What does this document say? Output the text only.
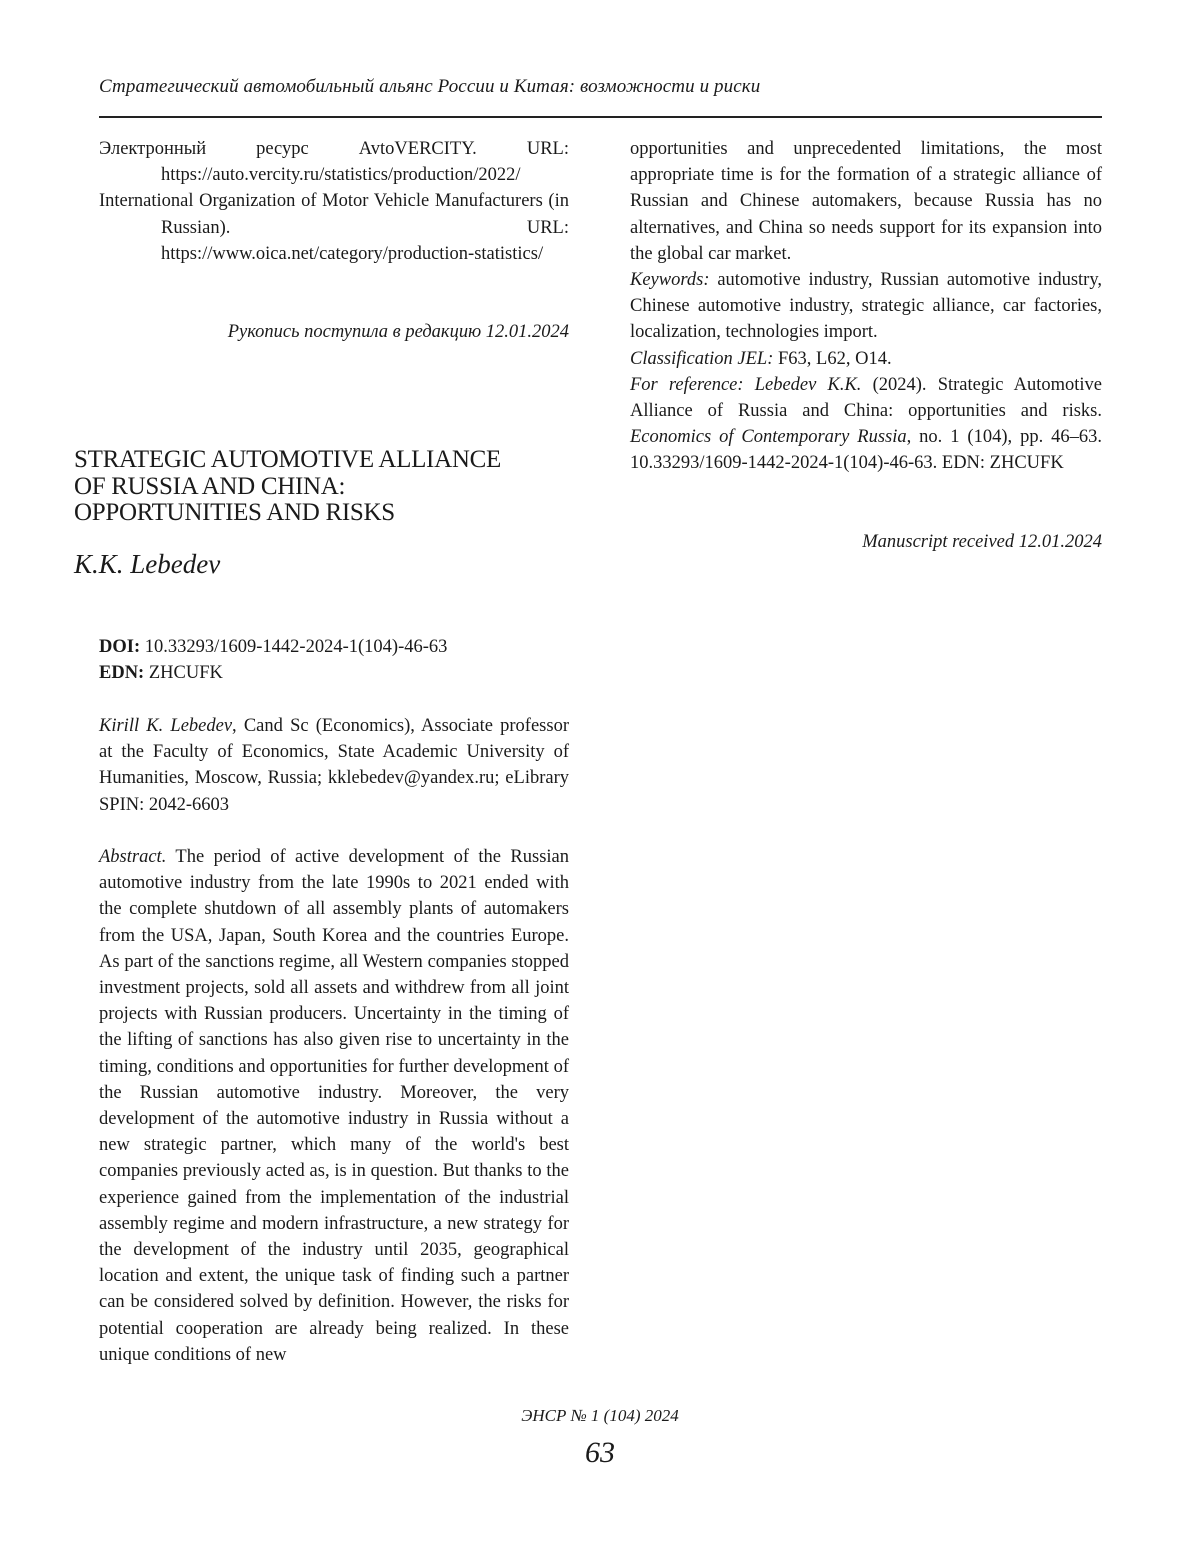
Стратегический автомобильный альянс России и Китая: возможности и риски

Электронный ресурс AvtoVERCITY. URL: https://auto.vercity.ru/statistics/production/2022/

International Organization of Motor Vehicle Manufacturers (in Russian). URL: https://www.oica.net/category/production-statistics/

Рукопись поступила в редакцию 12.01.2024
STRATEGIC AUTOMOTIVE ALLIANCE
OF RUSSIA AND CHINA:
OPPORTUNITIES AND RISKS
K.K. Lebedev
DOI: 10.33293/1609-1442-2024-1(104)-46-63
EDN: ZHCUFK
Kirill K. Lebedev, Cand Sc (Economics), Associate professor at the Faculty of Economics, State Academic University of Humanities, Moscow, Russia; kklebedev@yandex.ru; eLibrary SPIN: 2042-6603
Abstract. The period of active development of the Russian automotive industry from the late 1990s to 2021 ended with the complete shutdown of all assembly plants of automakers from the USA, Japan, South Korea and the countries Europe. As part of the sanctions regime, all Western companies stopped investment projects, sold all assets and withdrew from all joint projects with Russian producers. Uncertainty in the timing of the lifting of sanctions has also given rise to uncertainty in the timing, conditions and opportunities for further development of the Russian automotive industry. Moreover, the very development of the automotive industry in Russia without a new strategic partner, which many of the world's best companies previously acted as, is in question. But thanks to the experience gained from the implementation of the industrial assembly regime and modern infrastructure, a new strategy for the development of the industry until 2035, geographical location and extent, the unique task of finding such a partner can be considered solved by definition. However, the risks for potential cooperation are already being realized. In these unique conditions of new

opportunities and unprecedented limitations, the most appropriate time is for the formation of a strategic alliance of Russian and Chinese automakers, because Russia has no alternatives, and China so needs support for its expansion into the global car market.

Keywords: automotive industry, Russian automotive industry, Chinese automotive industry, strategic alliance, car factories, localization, technologies import.

Classification JEL: F63, L62, O14.

For reference: Lebedev K.K. (2024). Strategic Automotive Alliance of Russia and China: opportunities and risks. Economics of Contemporary Russia, no. 1 (104), pp. 46–63. 10.33293/1609-1442-2024-1(104)-46-63. EDN: ZHCUFK

Manuscript received 12.01.2024
ЭНСР № 1 (104) 2024
63
